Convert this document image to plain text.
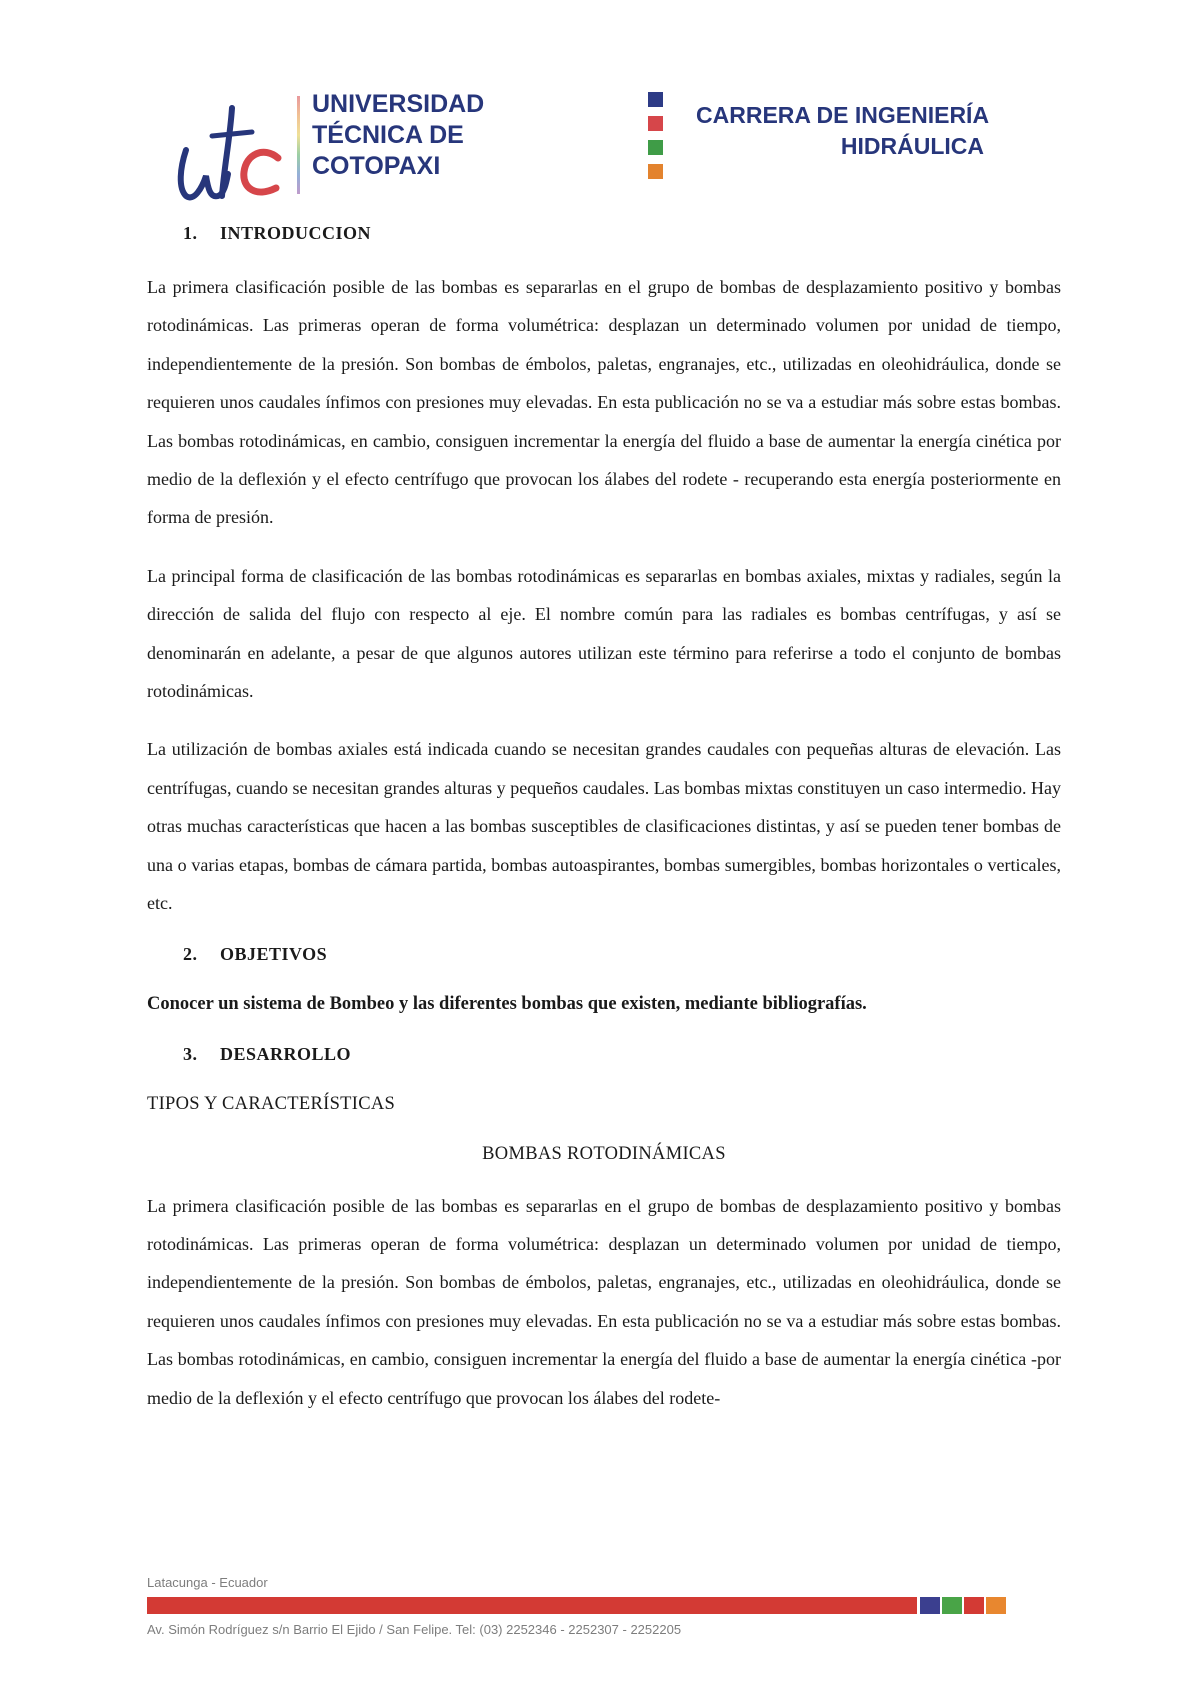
UNIVERSIDAD
TÉCNICA DE
COTOPAXI
CARRERA DE INGENIERÍA
HIDRÁULICA
1. INTRODUCCION

La primera clasificación posible de las bombas es separarlas en el grupo de bombas de desplazamiento positivo y bombas rotodinámicas. Las primeras operan de forma volumétrica: desplazan un determinado volumen por unidad de tiempo, independientemente de la presión. Son bombas de émbolos, paletas, engranajes, etc., utilizadas en oleohidráulica, donde se requieren unos caudales ínfimos con presiones muy elevadas. En esta publicación no se va a estudiar más sobre estas bombas. Las bombas rotodinámicas, en cambio, consiguen incrementar la energía del fluido a base de aumentar la energía cinética por medio de la deflexión y el efecto centrífugo que provocan los álabes del rodete - recuperando esta energía posteriormente en forma de presión.

La principal forma de clasificación de las bombas rotodinámicas es separarlas en bombas axiales, mixtas y radiales, según la dirección de salida del flujo con respecto al eje. El nombre común para las radiales es bombas centrífugas, y así se denominarán en adelante, a pesar de que algunos autores utilizan este término para referirse a todo el conjunto de bombas rotodinámicas.

La utilización de bombas axiales está indicada cuando se necesitan grandes caudales con pequeñas alturas de elevación. Las centrífugas, cuando se necesitan grandes alturas y pequeños caudales. Las bombas mixtas constituyen un caso intermedio. Hay otras muchas características que hacen a las bombas susceptibles de clasificaciones distintas, y así se pueden tener bombas de una o varias etapas, bombas de cámara partida, bombas autoaspirantes, bombas sumergibles, bombas horizontales o verticales, etc.

2. OBJETIVOS

Conocer un sistema de Bombeo y las diferentes bombas que existen, mediante bibliografías.

3. DESARROLLO

TIPOS Y CARACTERÍSTICAS

BOMBAS ROTODINÁMICAS

La primera clasificación posible de las bombas es separarlas en el grupo de bombas de desplazamiento positivo y bombas rotodinámicas. Las primeras operan de forma volumétrica: desplazan un determinado volumen por unidad de tiempo, independientemente de la presión. Son bombas de émbolos, paletas, engranajes, etc., utilizadas en oleohidráulica, donde se requieren unos caudales ínfimos con presiones muy elevadas. En esta publicación no se va a estudiar más sobre estas bombas. Las bombas rotodinámicas, en cambio, consiguen incrementar la energía del fluido a base de aumentar la energía cinética -por medio de la deflexión y el efecto centrífugo que provocan los álabes del rodete-

Latacunga - Ecuador
Av. Simón Rodríguez s/n Barrio El Ejido / San Felipe. Tel: (03) 2252346 - 2252307 - 2252205
